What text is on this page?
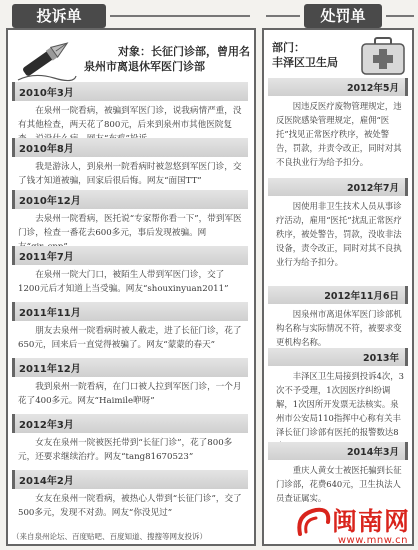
投诉单
对象：长征门诊部，曾用名
泉州市离退休军医门诊部
2010年3月
在泉州一院看病，被骗到军医门诊，说我病情严重，没有其他检查，两天花了800元，后来到泉州市其他医院复
2010年8月
我是游泳人，到泉州一院看病时被忽悠到军医门诊，交了钱才知道被骗，回家后很后悔。网友“面国TT”
2010年12月
去泉州一院看病，医托说“专家帮你看一下”，带到军医门诊，检查一番花去600多元，事后发现被骗。网
2011年7月
在泉州一院大门口，被陌生人带到军医门诊，交了1200元后才知道上当受骗。网友“shouxinyuan2011”
2011年11月
朋友去泉州一院看病时被人截走，进了长征门诊，花了650元，回来后一直觉得被骗了。网友“蒙蒙的春天”
2011年12月
我到泉州一院看病，在门口被人拉到军医门诊，一个月花了400多元。网友“Haimile咿呀”
2012年3月
女友在泉州一院被医托带到“长征门诊”，花了800多元，还要求继续治疗。网友“tang81670523”
2014年2月
女友在泉州一院看病，被热心人带到“长征门诊”，交了500多元，发现不对劲。网友“你没见过”
（来自泉州论坛、百度贴吧、百度知道、搜搜等网友投诉）
处罚单
部门：
丰泽区卫生局
2012年5月
因违反医疗废物管理规定，违反医院感染管理规定，雇佣“医托”找见正常医疗秩序，被处警告，罚款，并责令改正，同时对其不良执业行为给予扣分。
2012年7月
因使用非卫生技术人员从事诊疗活动，雇用“医托”扰乱正常医疗秩序，被处警告，罚款，没收非法设备，责令改正，同时对其不良执业行为给予扣分。
2012年11月6日
因泉州市离退休军医门诊部机构名称与实际情况不符，被要求变更机构名称。
2013年
丰泽区卫生局接到投诉4次，3次不予受理，1次因医疗纠纷调解，1次因所开发票无法核实。泉州市公安局110指挥中心称有关丰泽长征门诊部有医托的报警数达8
2014年3月
重庆人黄女士被医托骗到长征门诊部，花费640元，卫生执法人员查证属实。
闽南网
www.mnw.cn
